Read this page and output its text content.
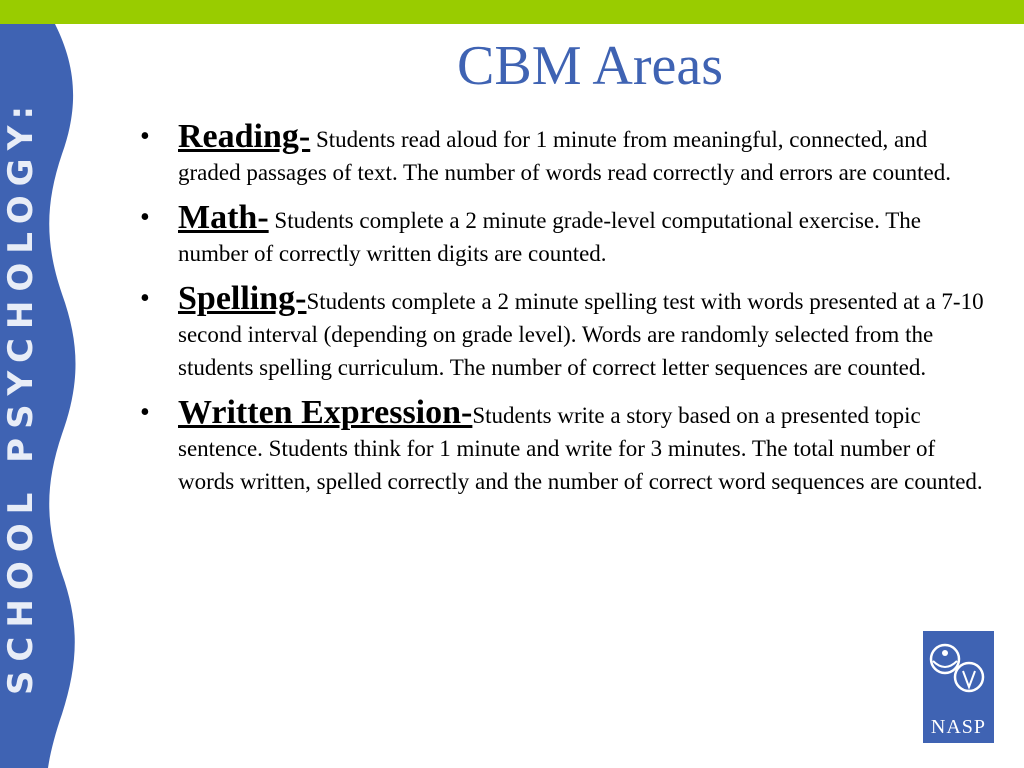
SCHOOL PSYCHOLOGY:
CBM Areas
• Reading- Students read aloud for 1 minute from meaningful, connected, and graded passages of text. The number of words read correctly and errors are counted.
• Math- Students complete a 2 minute grade-level computational exercise. The number of correctly written digits are counted.
• Spelling-Students complete a 2 minute spelling test with words presented at a 7-10 second interval (depending on grade level). Words are randomly selected from the students spelling curriculum. The number of correct letter sequences are counted.
• Written Expression-Students write a story based on a presented topic sentence. Students think for 1 minute and write for 3 minutes. The total number of words written, spelled correctly and the number of correct word sequences are counted.
NASP
